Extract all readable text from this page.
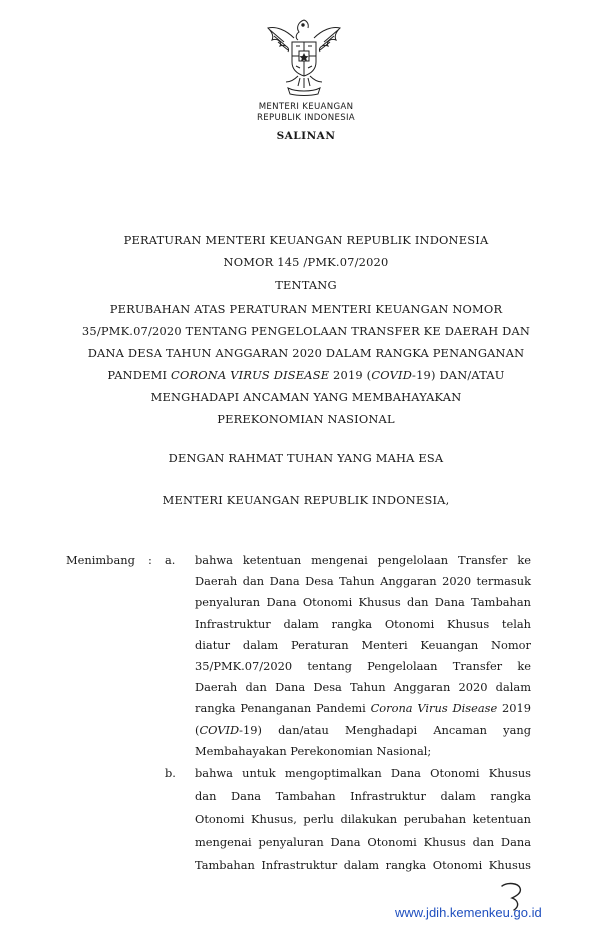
MENTERI KEUANGAN
REPUBLIK INDONESIA
SALINAN
PERATURAN MENTERI KEUANGAN REPUBLIK INDONESIA
NOMOR 145 /PMK.07/2020
TENTANG
PERUBAHAN ATAS PERATURAN MENTERI KEUANGAN NOMOR
35/PMK.07/2020 TENTANG PENGELOLAAN TRANSFER KE DAERAH DAN
DANA DESA TAHUN ANGGARAN 2020 DALAM RANGKA PENANGANAN
PANDEMI CORONA VIRUS DISEASE 2019 (COVID-19) DAN/ATAU
MENGHADAPI ANCAMAN YANG MEMBAHAYAKAN
PEREKONOMIAN NASIONAL
DENGAN RAHMAT TUHAN YANG MAHA ESA
MENTERI KEUANGAN REPUBLIK INDONESIA,
Menimbang : a. bahwa ketentuan mengenai pengelolaan Transfer ke
Daerah dan Dana Desa Tahun Anggaran 2020 termasuk
penyaluran Dana Otonomi Khusus dan Dana Tambahan
Infrastruktur dalam rangka Otonomi Khusus telah
diatur dalam Peraturan Menteri Keuangan Nomor
35/PMK.07/2020 tentang Pengelolaan Transfer ke
Daerah dan Dana Desa Tahun Anggaran 2020 dalam
rangka Penanganan Pandemi Corona Virus Disease 2019
(COVID-19) dan/atau Menghadapi Ancaman yang
b. bahwa untuk mengoptimalkan Dana Otonomi Khusus
dan Dana Tambahan Infrastruktur dalam rangka
Otonomi Khusus, perlu dilakukan perubahan ketentuan
mengenai penyaluran Dana Otonomi Khusus dan Dana
Tambahan Infrastruktur dalam rangka Otonomi Khusus
www.jdih.kemenkeu.go.id
Membahayakan Perekonomian Nasional;
